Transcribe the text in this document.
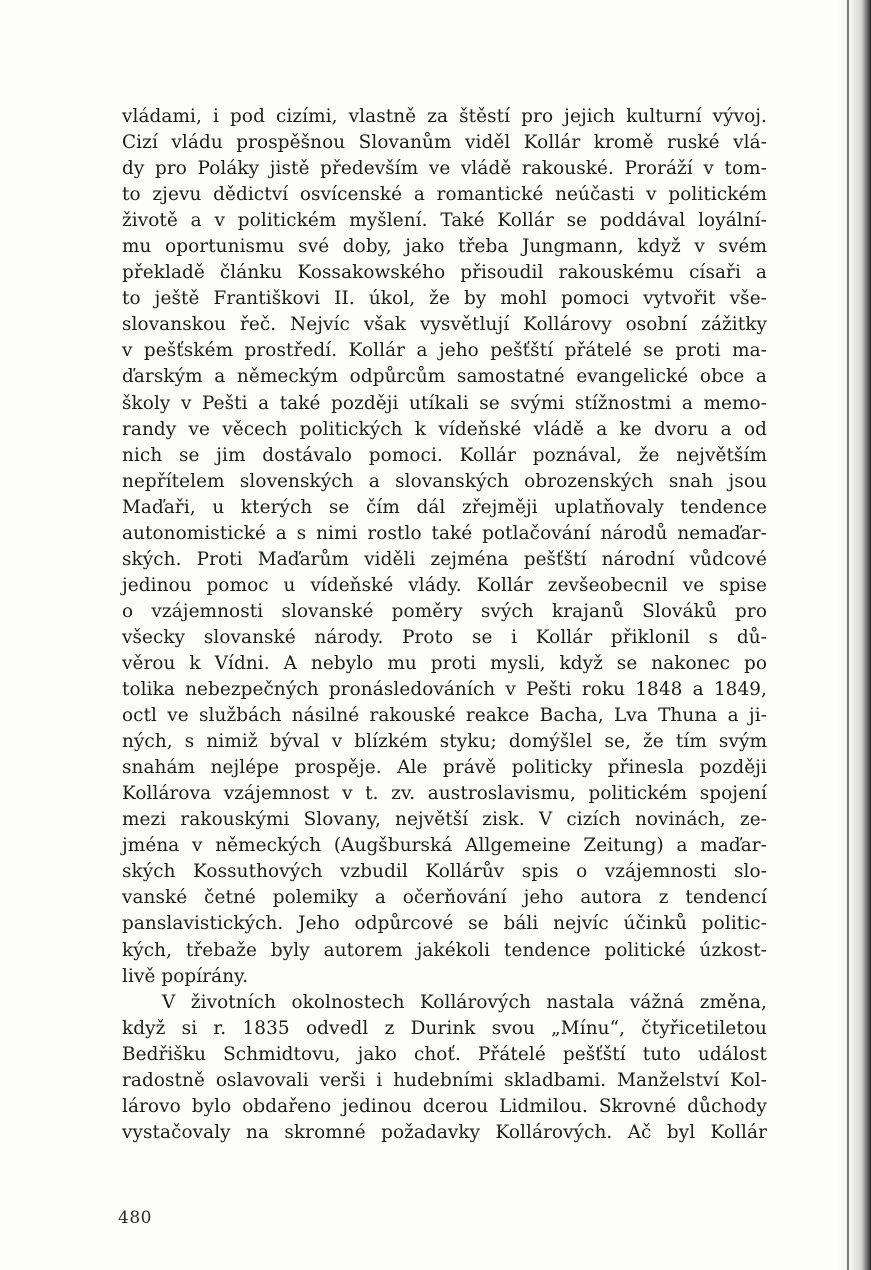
vládami, i pod cizími, vlastně za štěstí pro jejich kulturní vývoj.
Cizí vládu prospěšnou Slovanům viděl Kollár kromě ruské vlá-
dy pro Poláky jistě především ve vládě rakouské. Proráží v tom-
to zjevu dědictví osvícenské a romantické neúčasti v politickém
životě a v politickém myšlení. Také Kollár se poddával loyální-
mu oportunismu své doby, jako třeba Jungmann, když v svém
překladě článku Kossakowského přisoudil rakouskému císaři a
to ještě Františkovi II. úkol, že by mohl pomoci vytvořit vše-
slovanskou řeč. Nejvíc však vysvětlují Kollárovy osobní zážitky
v pešťském prostředí. Kollár a jeho pešťští přátelé se proti ma-
ďarským a německým odpůrcům samostatné evangelické obce a
školy v Pešti a také později utíkali se svými stížnostmi a memo-
randy ve věcech politických k vídeňské vládě a ke dvoru a od
nich se jim dostávalo pomoci. Kollár poznával, že největším
nepřítelem slovenských a slovanských obrozenských snah jsou
Maďaři, u kterých se čím dál zřejměji uplatňovaly tendence
autonomistické a s nimi rostlo také potlačování národů nemaďar-
ských. Proti Maďarům viděli zejména pešťští národní vůdcové
jedinou pomoc u vídeňské vlády. Kollár zevšeobecnil ve spise
o vzájemnosti slovanské poměry svých krajanů Slováků pro
všecky slovanské národy. Proto se i Kollár přiklonil s dů-
věrou k Vídni. A nebylo mu proti mysli, když se nakonec po
tolika nebezpečných pronásledováních v Pešti roku 1848 a 1849,
octl ve službách násilné rakouské reakce Bacha, Lva Thuna a ji-
ných, s nimiž býval v blízkém styku; domýšlel se, že tím svým
snahám nejlépe prospěje. Ale právě politicky přinesla později
Kollárova vzájemnost v t. zv. austroslavismu, politickém spojení
mezi rakouskými Slovany, největší zisk. V cizích novinách, ze-
jména v německých (Augšburská Allgemeine Zeitung) a maďar-
ských Kossuthových vzbudil Kollárův spis o vzájemnosti slo-
vanské četné polemiky a očerňování jeho autora z tendencí
panslavistických. Jeho odpůrcové se báli nejvíc účinků politic-
kých, třebaže byly autorem jakékoli tendence politické úzkost-
livě popírány.
V životních okolnostech Kollárových nastala vážná změna,
když si r. 1835 odvedl z Durink svou „Mínu“, čtyřicetiletou
Bedřišku Schmidtovu, jako choť. Přátelé pešťští tuto událost
radostně oslavovali verši i hudebními skladbami. Manželství Kol-
lárovo bylo obdařeno jedinou dcerou Lidmilou. Skrovné důchody
vystačovaly na skromné požadavky Kollárových. Ač byl Kollár
480
